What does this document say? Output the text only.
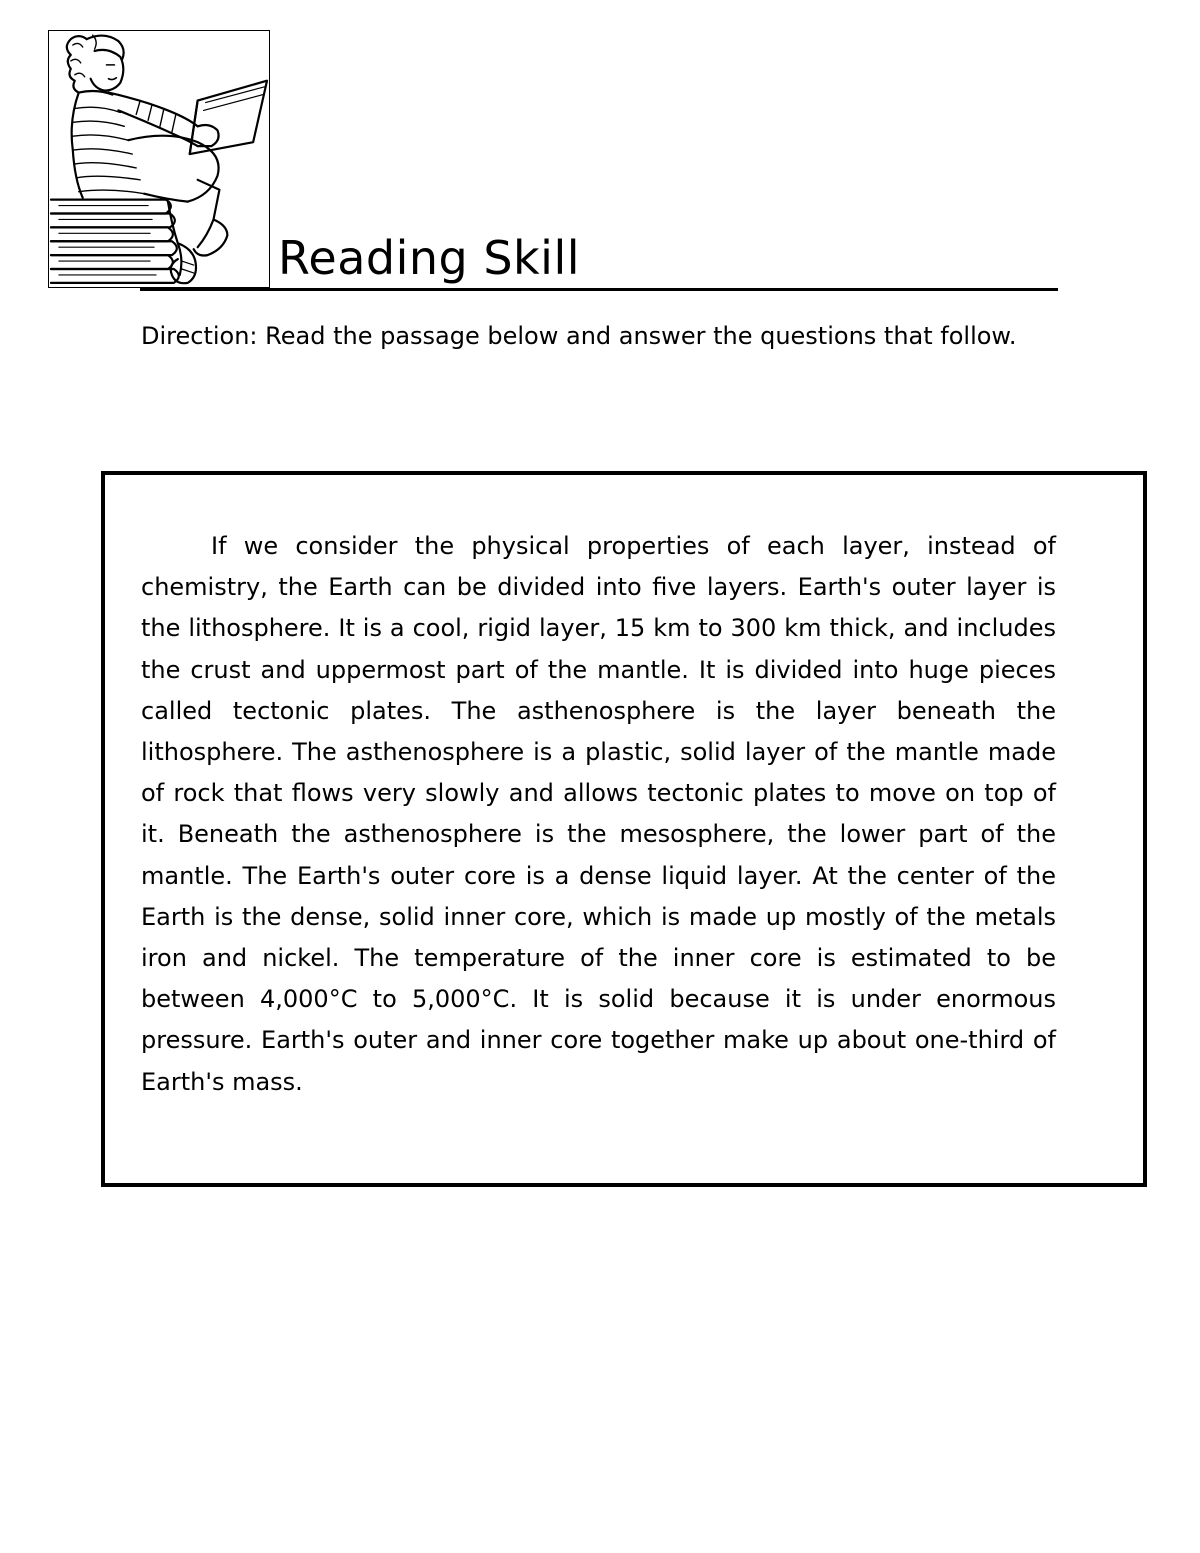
Reading Skill

Direction: Read the passage below and answer the questions that follow.

If we consider the physical properties of each layer, instead of chemistry, the Earth can be divided into five layers. Earth's outer layer is the lithosphere. It is a cool, rigid layer, 15 km to 300 km thick, and includes the crust and uppermost part of the mantle. It is divided into huge pieces called tectonic plates. The asthenosphere is the layer beneath the lithosphere. The asthenosphere is a plastic, solid layer of the mantle made of rock that flows very slowly and allows tectonic plates to move on top of it. Beneath the asthenosphere is the mesosphere, the lower part of the mantle. The Earth's outer core is a dense liquid layer. At the center of the Earth is the dense, solid inner core, which is made up mostly of the metals iron and nickel. The temperature of the inner core is estimated to be between 4,000°C to 5,000°C. It is solid because it is under enormous pressure. Earth's outer and inner core together make up about one-third of Earth's mass.
